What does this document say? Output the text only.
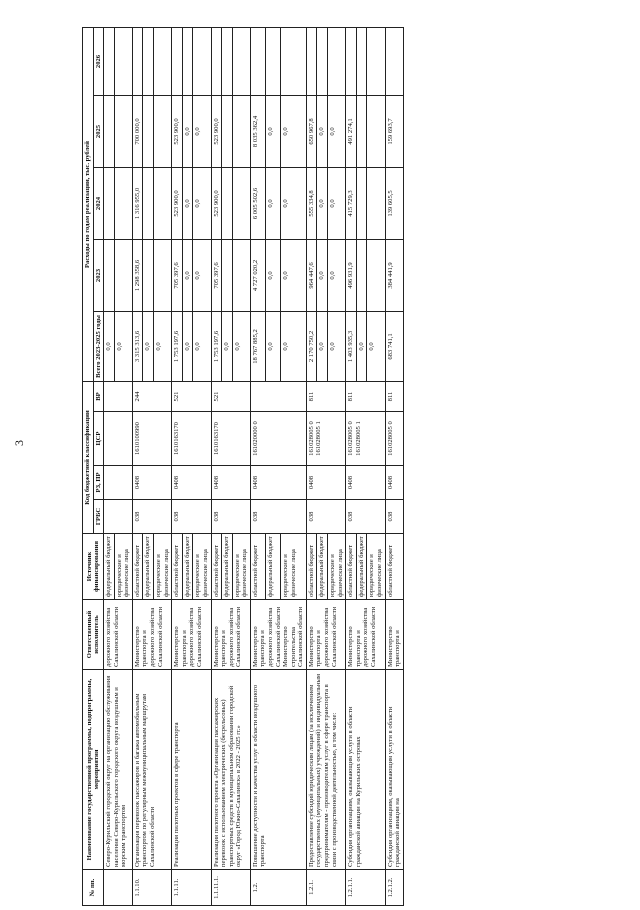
3
№ пп.	Наименование государственной программы, подпрограммы, мероприятия	Ответственный исполнитель	Источник финансирования	Код бюджетной классификации				Расходы по годам реализации, тыс. рублей				
				ГРБС	РЗ, ПР	ЦСР	ВР	Всего 2023-2025 годы	2023	2024	2025	2026
	Северо-Курильский городской округ на организацию обслуживания населения Северо-Курильского городского округа воздушным и морским транспортом	дорожного хозяйства Сахалинской области	федеральный бюджет					0,0				
			юридические и физические лица					0,0				
1.1.10.	Организация перевозок пассажиров и багажа автомобильным транспортом по регулярным межмуниципальным маршрутам Сахалинской области	Министерство транспорта и дорожного хозяйства Сахалинской области	областной бюджет	038	0408	1610100990	244	3 315 313,6	1 298 358,6	1 316 955,0	700 000,0	
			федеральный бюджет					0,0				
			юридические и физические лица					0,0				
1.1.11.	Реализация пилотных проектов в сфере транспорта	Министерство транспорта и дорожного хозяйства Сахалинской области	областной бюджет	038	0408	1610163170	521	1 753 197,6	705 397,6	523 900,0	523 900,0	
			федеральный бюджет					0,0	0,0	0,0	0,0	
			юридические и физические лица					0,0	0,0	0,0	0,0	
1.1.11.1.	Реализация пилотного проекта «Организация пассажирских перевозок с использованием электрических (бесрельсовых) транспортных средств в муниципальном образовании городской округ «Город Южно-Сахалинск» в 2022 - 2025 гг.»	Министерство транспорта и дорожного хозяйства Сахалинской области	областной бюджет	038	0408	1610163170	521	1 753 197,6	705 397,6	523 900,0	523 900,0	
			федеральный бюджет					0,0				
			юридические и физические лица					0,0				
1.2.	Повышение доступности и качества услуг в области воздушного транспорта	Министерство транспорта и дорожного хозяйства Сахалинской области Министерство строительства Сахалинской области	областной бюджет	038	0408	161020000 0		18 767 885,2	4 727 020,2	6 005 502,6	8 035 362,4	
			федеральный бюджет					0,0	0,0	0,0	0,0	
			юридические и физические лица					0,0	0,0	0,0	0,0	
1.2.1.	Предоставление субсидий юридическим лицам (за исключением государственных (муниципальных) учреждений) и индивидуальным предпринимателям - производителям услуг в сфере транспорта в связи с производственной деятельностью, в том числе:	Министерство транспорта и дорожного хозяйства Сахалинской области	областной бюджет	038	0408	161028005 0 161028005 1	811	2 170 750,2	964 447,6	555 334,8	650 967,8	
			федеральный бюджет					0,0	0,0	0,0	0,0	
			юридические и физические лица					0,0	0,0	0,0	0,0	
1.2.1.1.	Субсидия организациям, оказывающим услуги в области гражданской авиации на Курильских островах	Министерство транспорта и дорожного хозяйства Сахалинской области	областной бюджет	038	0408	161028005 0 161028005 1	811	1 403 935,3	496 931,9	415 729,3	491 274,1	
			федеральный бюджет					0,0				
			юридические и физические лица					0,0				
1.2.1.2.	Субсидия организациям, оказывающим услуги в области гражданской авиации на	Министерство транспорта и	областной бюджет	038	0408	161028005 0	811	683 741,1	384 441,9	139 605,5	159 693,7	
